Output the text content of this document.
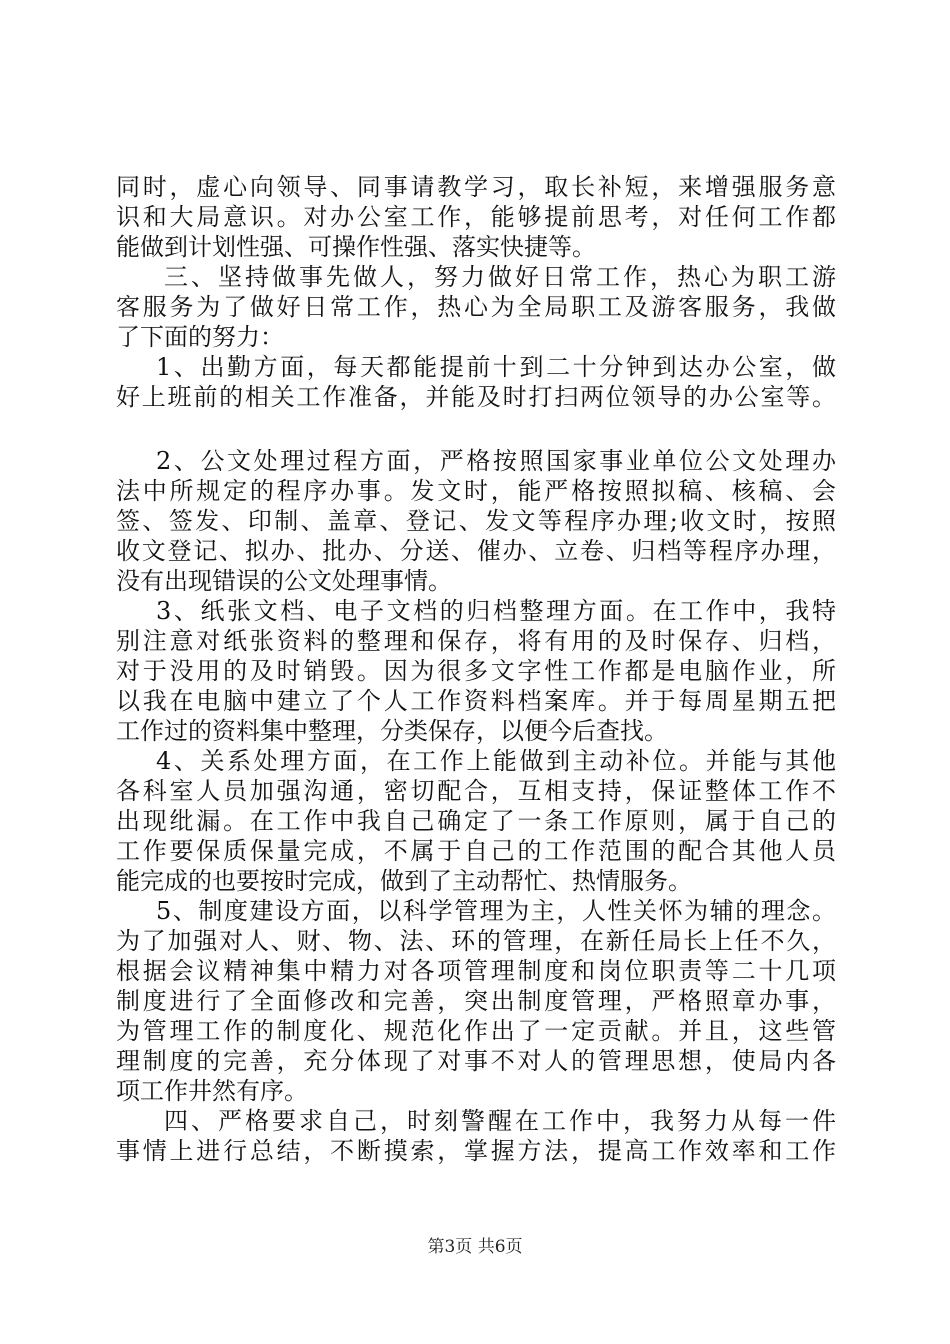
同时，虚心向领导、同事请教学习，取长补短，来增强服务意
识和大局意识。对办公室工作，能够提前思考，对任何工作都
能做到计划性强、可操作性强、落实快捷等。
三、坚持做事先做人，努力做好日常工作，热心为职工游
客服务为了做好日常工作，热心为全局职工及游客服务，我做
了下面的努力：
1、出勤方面，每天都能提前十到二十分钟到达办公室，做
好上班前的相关工作准备，并能及时打扫两位领导的办公室等。
2、公文处理过程方面，严格按照国家事业单位公文处理办
法中所规定的程序办事。发文时，能严格按照拟稿、核稿、会
签、签发、印制、盖章、登记、发文等程序办理;收文时，按照
收文登记、拟办、批办、分送、催办、立卷、归档等程序办理，
没有出现错误的公文处理事情。
3、纸张文档、电子文档的归档整理方面。在工作中，我特
别注意对纸张资料的整理和保存，将有用的及时保存、归档，
对于没用的及时销毁。因为很多文字性工作都是电脑作业，所
以我在电脑中建立了个人工作资料档案库。并于每周星期五把
工作过的资料集中整理，分类保存，以便今后查找。
4、关系处理方面，在工作上能做到主动补位。并能与其他
各科室人员加强沟通，密切配合，互相支持，保证整体工作不
出现纰漏。在工作中我自己确定了一条工作原则，属于自己的
工作要保质保量完成，不属于自己的工作范围的配合其他人员
能完成的也要按时完成，做到了主动帮忙、热情服务。
5、制度建设方面，以科学管理为主，人性关怀为辅的理念。
为了加强对人、财、物、法、环的管理，在新任局长上任不久，
根据会议精神集中精力对各项管理制度和岗位职责等二十几项
制度进行了全面修改和完善，突出制度管理，严格照章办事，
为管理工作的制度化、规范化作出了一定贡献。并且，这些管
理制度的完善，充分体现了对事不对人的管理思想，使局内各
项工作井然有序。
四、严格要求自己，时刻警醒在工作中，我努力从每一件
事情上进行总结，不断摸索，掌握方法，提高工作效率和工作
第3页 共6页
